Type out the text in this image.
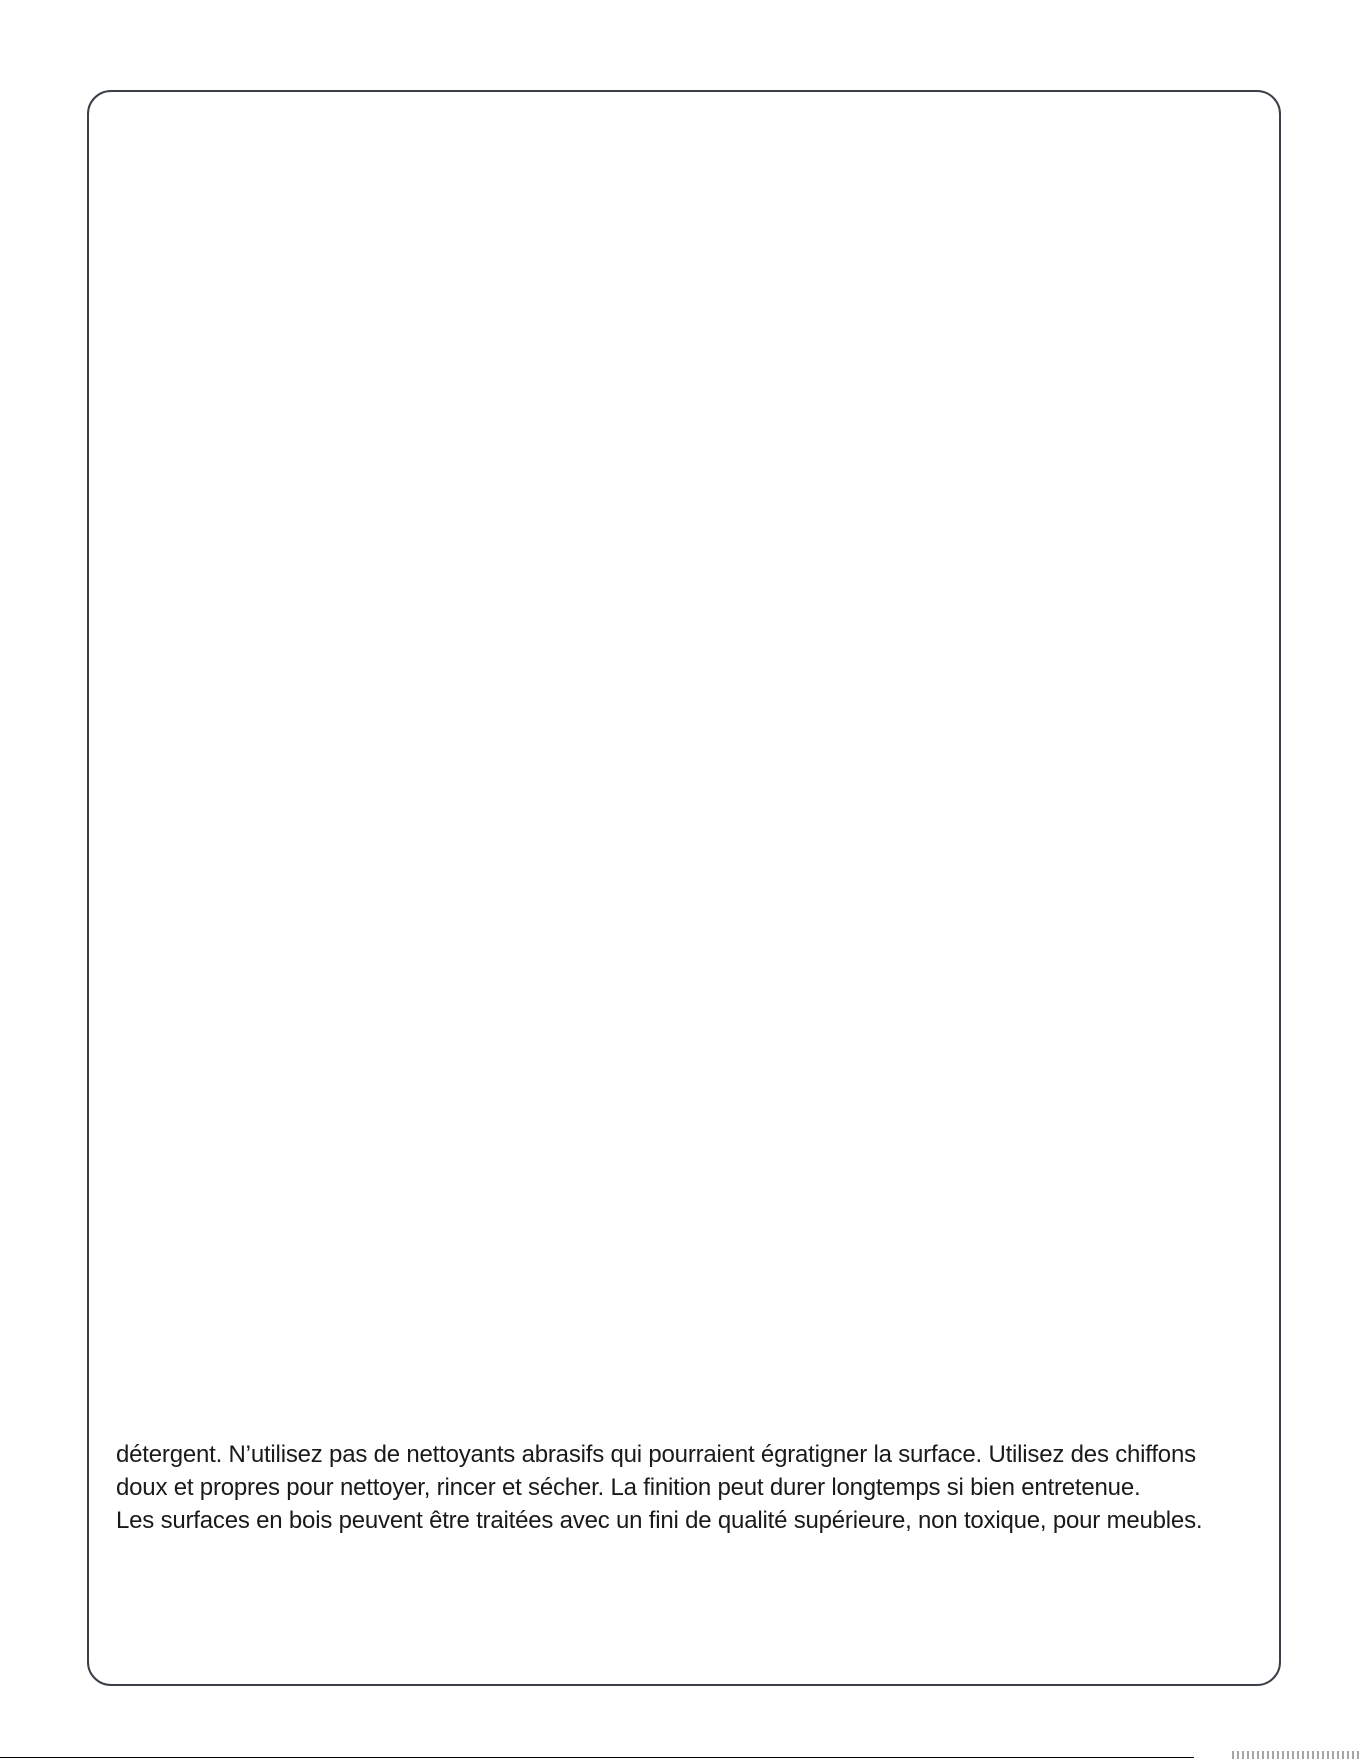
détergent. N’utilisez pas de nettoyants abrasifs qui pourraient égratigner la surface. Utilisez des chiffons
doux et propres pour nettoyer, rincer et sécher. La finition peut durer longtemps si bien entretenue.
Les surfaces en bois peuvent être traitées avec un fini de qualité supérieure, non toxique, pour meubles.
